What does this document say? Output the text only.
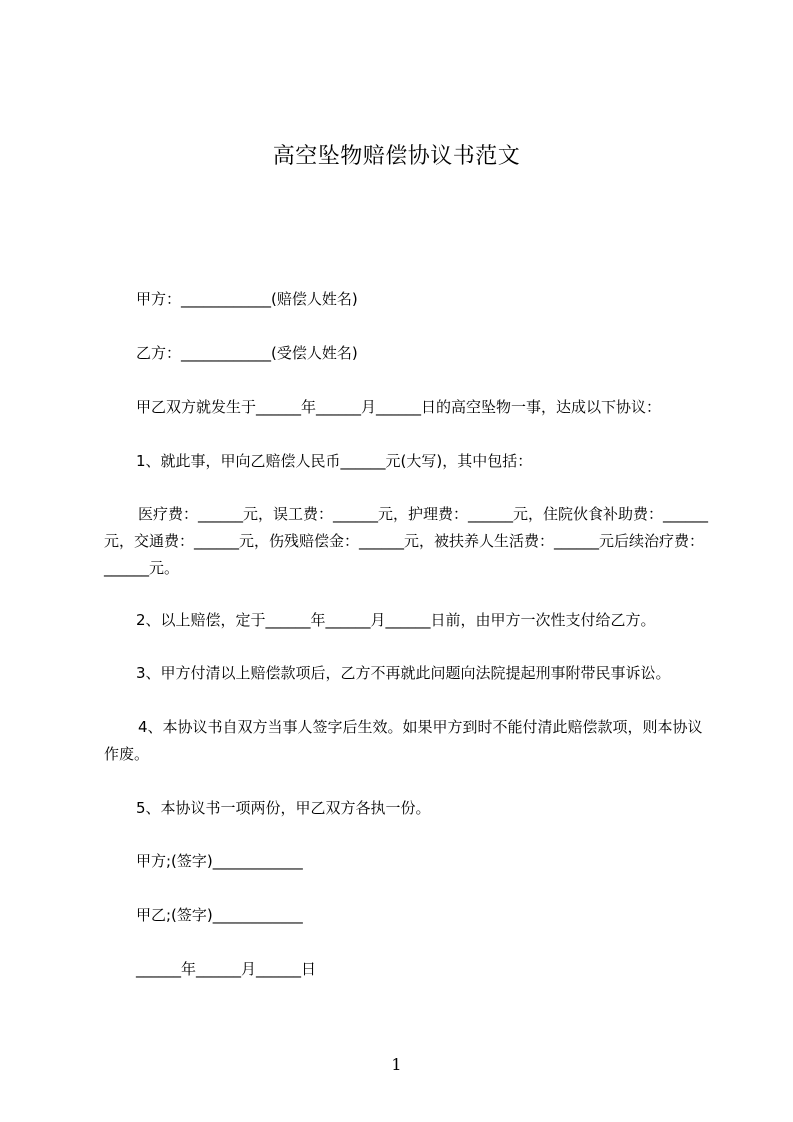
高空坠物赔偿协议书范文
甲方：____________(赔偿人姓名)
乙方：____________(受偿人姓名)
甲乙双方就发生于______年______月______日的高空坠物一事，达成以下协议：
1、就此事，甲向乙赔偿人民币______元(大写)，其中包括：
医疗费：______元，误工费：______元，护理费：______元，住院伙食补助费：______元，交通费：______元，伤残赔偿金：______元，被扶养人生活费：______元后续治疗费：______元。
2、以上赔偿，定于______年______月______日前，由甲方一次性支付给乙方。
3、甲方付清以上赔偿款项后，乙方不再就此问题向法院提起刑事附带民事诉讼。
4、本协议书自双方当事人签字后生效。如果甲方到时不能付清此赔偿款项，则本协议作废。
5、本协议书一项两份，甲乙双方各执一份。
甲方;(签字)____________
甲乙;(签字)____________
______年______月______日
1
